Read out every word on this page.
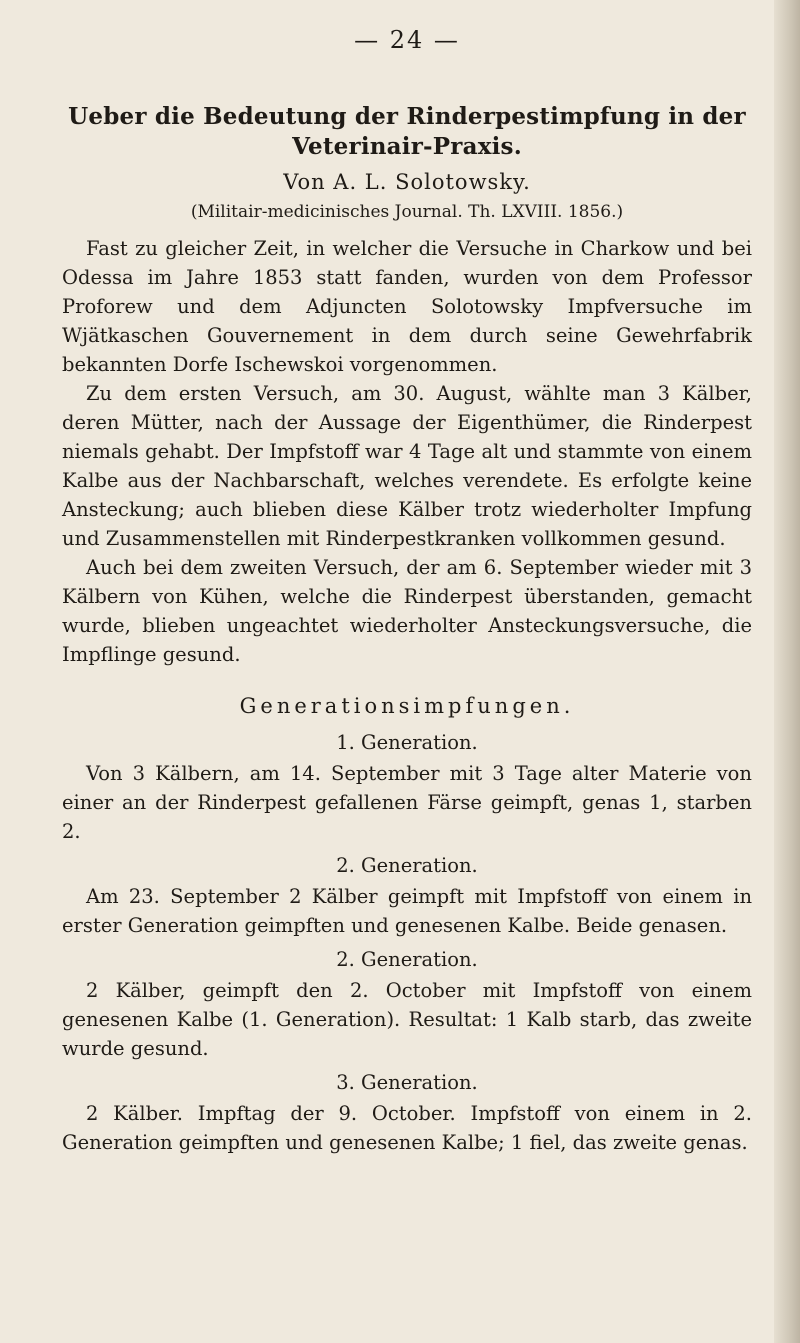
— 24 —
Ueber die Bedeutung der Rinderpestimpfung in der Veterinair-Praxis.
Von A. L. Solotowsky.
(Militair-medicinisches Journal. Th. LXVIII. 1856.)

Fast zu gleicher Zeit, in welcher die Versuche in Charkow und bei Odessa im Jahre 1853 statt fanden, wurden von dem Professor Proforew und dem Adjuncten Solotowsky Impfversuche im Wjätkaschen Gouvernement in dem durch seine Gewehrfabrik bekannten Dorfe Ischewskoi vorgenommen.

Zu dem ersten Versuch, am 30. August, wählte man 3 Kälber, deren Mütter, nach der Aussage der Eigenthümer, die Rinderpest niemals gehabt. Der Impfstoff war 4 Tage alt und stammte von einem Kalbe aus der Nachbarschaft, welches verendete. Es erfolgte keine Ansteckung; auch blieben diese Kälber trotz wiederholter Impfung und Zusammenstellen mit Rinderpestkranken vollkommen gesund.

Auch bei dem zweiten Versuch, der am 6. September wieder mit 3 Kälbern von Kühen, welche die Rinderpest überstanden, gemacht wurde, blieben ungeachtet wiederholter Ansteckungsversuche, die Impflinge gesund.

Generationsimpfungen.
1. Generation.

Von 3 Kälbern, am 14. September mit 3 Tage alter Materie von einer an der Rinderpest gefallenen Färse geimpft, genas 1, starben 2.

2. Generation.

Am 23. September 2 Kälber geimpft mit Impfstoff von einem in erster Generation geimpften und genesenen Kalbe. Beide genasen.

2. Generation.

2 Kälber, geimpft den 2. October mit Impfstoff von einem genesenen Kalbe (1. Generation). Resultat: 1 Kalb starb, das zweite wurde gesund.

3. Generation.

2 Kälber. Impftag der 9. October. Impfstoff von einem in 2. Generation geimpften und genesenen Kalbe; 1 fiel, das zweite genas.
